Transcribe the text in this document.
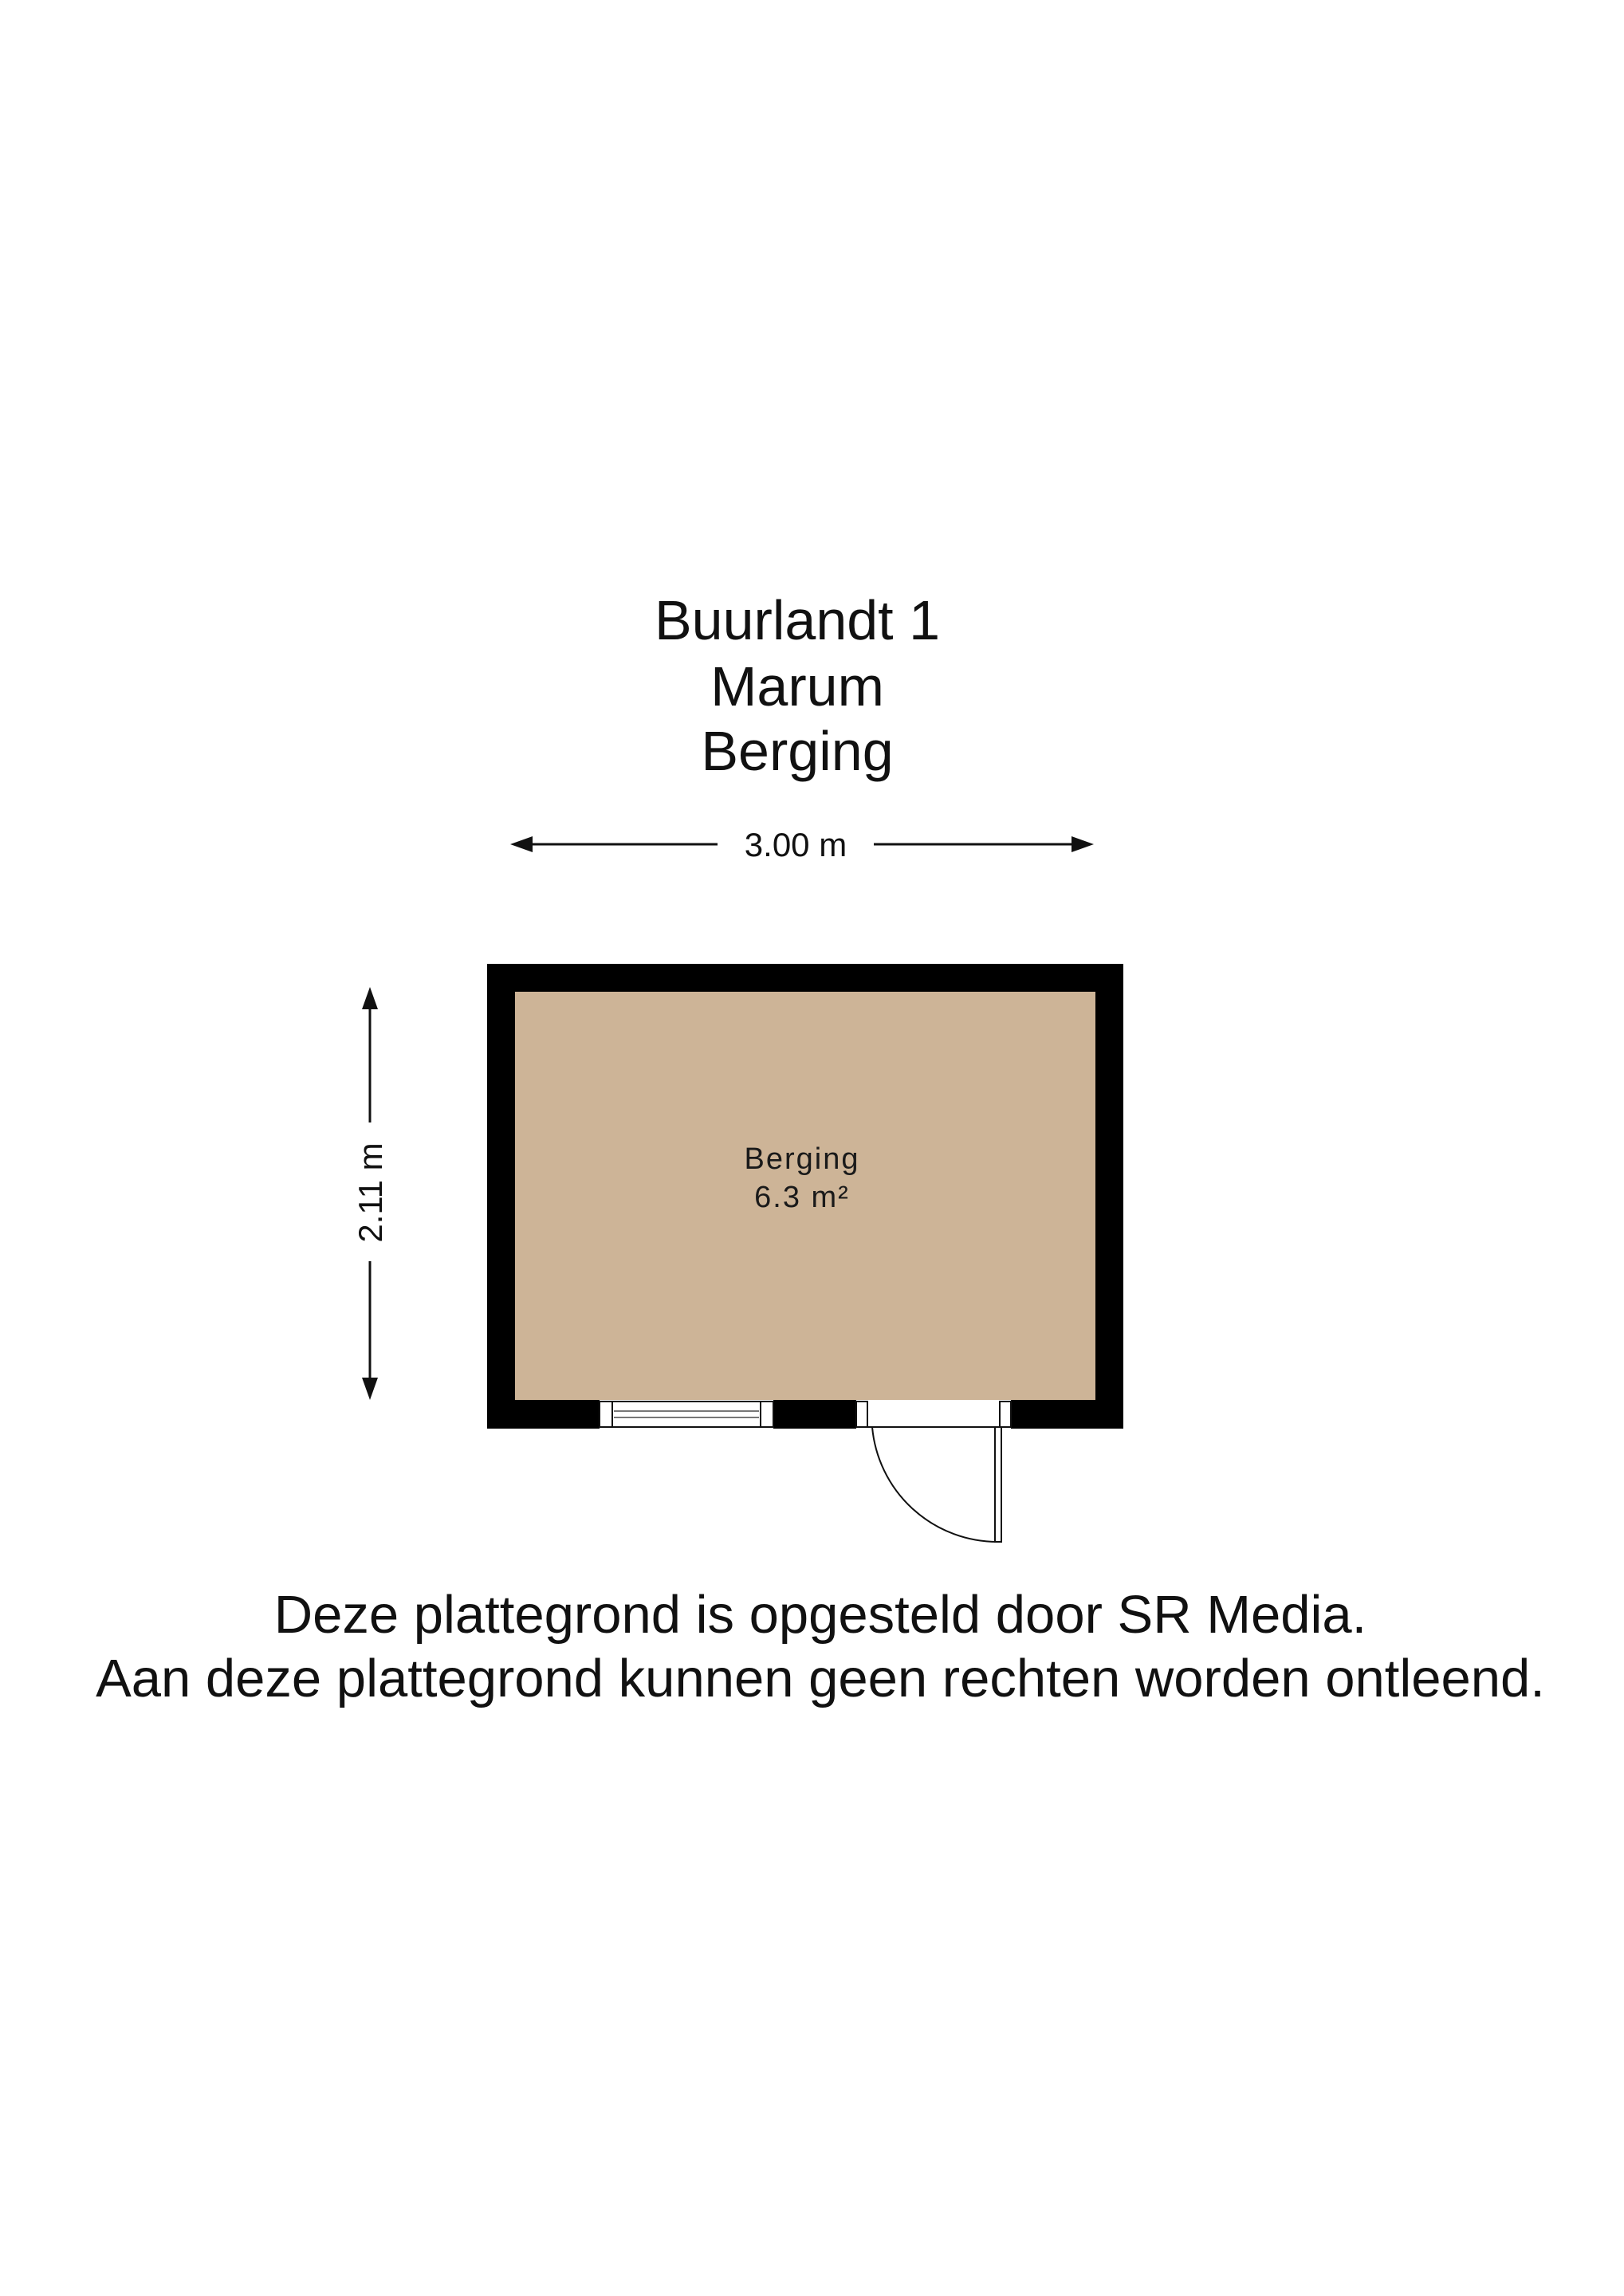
Buurlandt 1
Marum
Berging
3.00 m
2.11 m	Berging
6.3 m²
Deze plattegrond is opgesteld door SR Media.
Aan deze plattegrond kunnen geen rechten worden ontleend.
